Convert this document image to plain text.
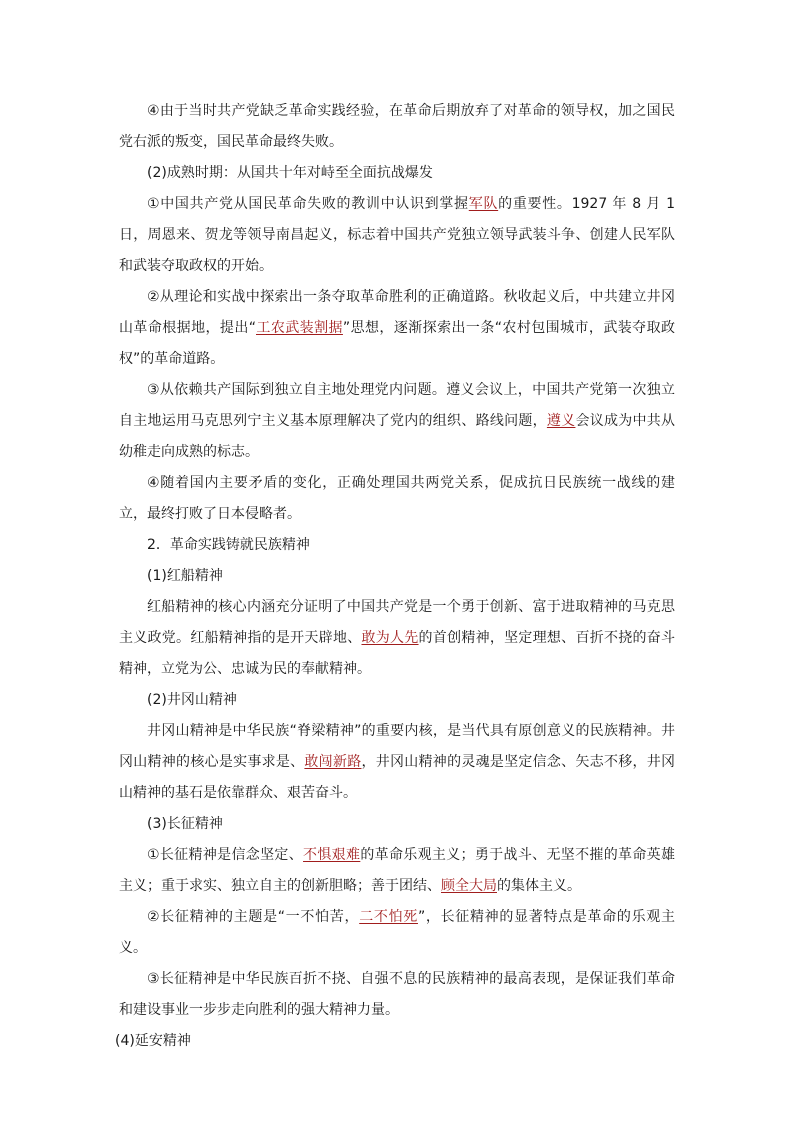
④由于当时共产党缺乏革命实践经验，在革命后期放弃了对革命的领导权，加之国民党右派的叛变，国民革命最终失败。

(2)成熟时期：从国共十年对峙至全面抗战爆发

①中国共产党从国民革命失败的教训中认识到掌握军队的重要性。1927 年 8 月 1 日，周恩来、贺龙等领导南昌起义，标志着中国共产党独立领导武装斗争、创建人民军队和武装夺取政权的开始。

②从理论和实战中探索出一条夺取革命胜利的正确道路。秋收起义后，中共建立井冈山革命根据地，提出“工农武装割据”思想，逐渐探索出一条“农村包围城市，武装夺取政权”的革命道路。

③从依赖共产国际到独立自主地处理党内问题。遵义会议上，中国共产党第一次独立自主地运用马克思列宁主义基本原理解决了党内的组织、路线问题，遵义会议成为中共从幼稚走向成熟的标志。

④随着国内主要矛盾的变化，正确处理国共两党关系，促成抗日民族统一战线的建立，最终打败了日本侵略者。

2．革命实践铸就民族精神

(1)红船精神

红船精神的核心内涵充分证明了中国共产党是一个勇于创新、富于进取精神的马克思主义政党。红船精神指的是开天辟地、敢为人先的首创精神，坚定理想、百折不挠的奋斗精神，立党为公、忠诚为民的奉献精神。

(2)井冈山精神

井冈山精神是中华民族“脊梁精神”的重要内核，是当代具有原创意义的民族精神。井冈山精神的核心是实事求是、敢闯新路，井冈山精神的灵魂是坚定信念、矢志不移，井冈山精神的基石是依靠群众、艰苦奋斗。

(3)长征精神

①长征精神是信念坚定、不惧艰难的革命乐观主义；勇于战斗、无坚不摧的革命英雄主义；重于求实、独立自主的创新胆略；善于团结、顾全大局的集体主义。

②长征精神的主题是“一不怕苦，二不怕死”，长征精神的显著特点是革命的乐观主义。

③长征精神是中华民族百折不挠、自强不息的民族精神的最高表现，是保证我们革命和建设事业一步步走向胜利的强大精神力量。

(4)延安精神
